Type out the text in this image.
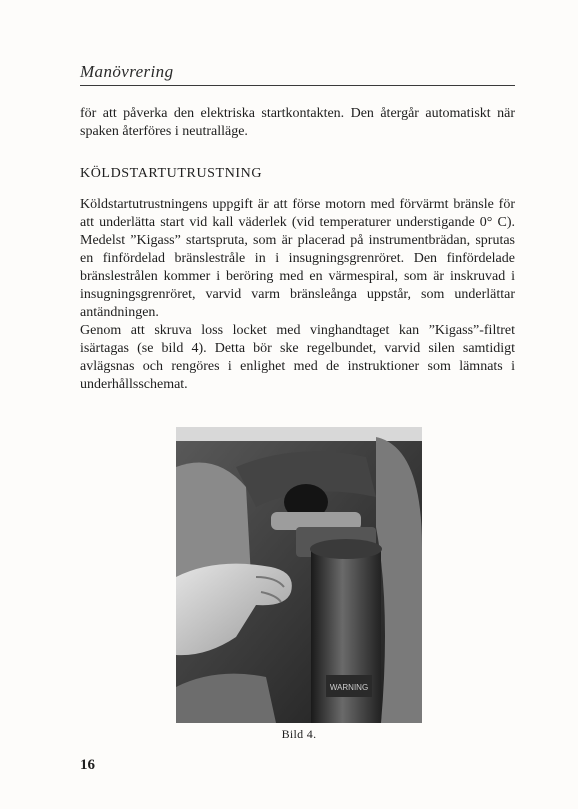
Manövrering

för att påverka den elektriska startkontakten. Den återgår automatiskt när spaken återföres i neutralläge.

KÖLDSTARTUTRUSTNING

Köldstartutrustningens uppgift är att förse motorn med förvärmt bränsle för att underlätta start vid kall väderlek (vid temperaturer understigande 0° C). Medelst ”Kigass” startspruta, som är placerad på instrumentbrädan, sprutas en finfördelad bränslestråle in i insugningsgrenröret. Den finfördelade bränslestrålen kommer i beröring med en värmespiral, som är inskruvad i insugningsgrenröret, varvid varm bränsleånga uppstår, som underlättar antändningen.

Genom att skruva loss locket med vinghandtaget kan ”Kigass”-filtret isärtagas (se bild 4). Detta bör ske regelbundet, varvid silen samtidigt avlägsnas och rengöres i enlighet med de instruktioner som lämnats i underhållsschemat.

WARNING
Bild 4.
16
